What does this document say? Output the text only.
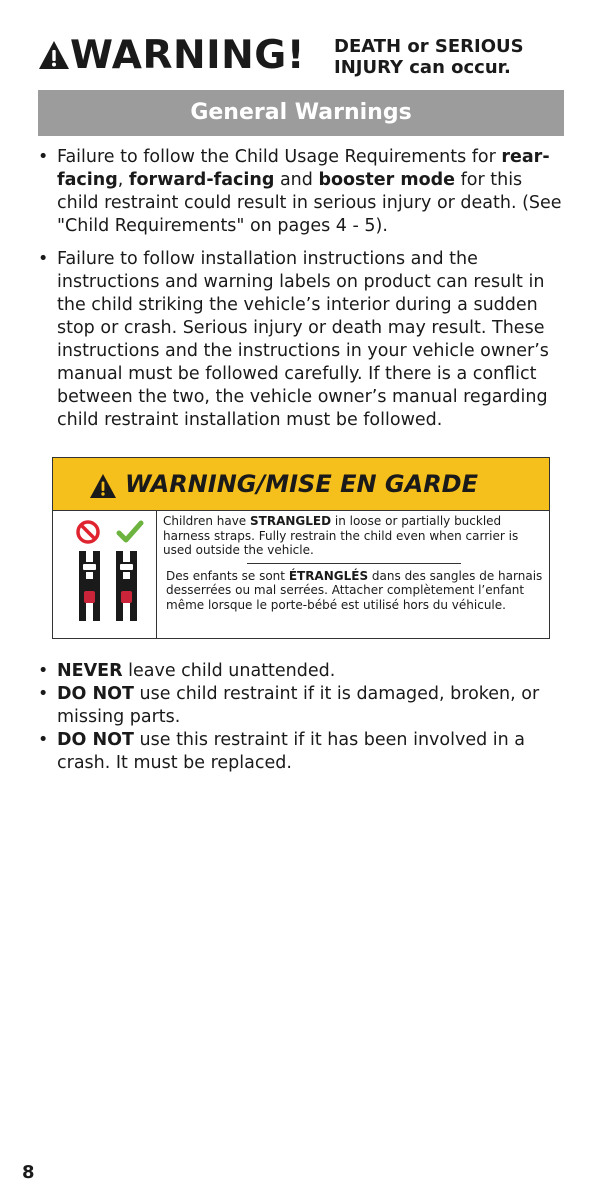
WARNING! DEATH or SERIOUS
INJURY can occur.
General Warnings
• Failure to follow the Child Usage Requirements for rear-facing, forward-facing and booster mode for this child restraint could result in serious injury or death. (See "Child Requirements" on pages 4 - 5).
• Failure to follow installation instructions and the instructions and warning labels on product can result in the child striking the vehicle’s interior during a sudden stop or crash. Serious injury or death may result. These instructions and the instructions in your vehicle owner’s manual must be followed carefully. If there is a conflict between the two, the vehicle owner’s manual regarding child restraint installation must be followed.
WARNING/MISE EN GARDE

Children have STRANGLED in loose or partially buckled harness straps. Fully restrain the child even when carrier is used outside the vehicle.

Des enfants se sont ÉTRANGLÉS dans des sangles de harnais desserrées ou mal serrées. Attacher complètement l’enfant même lorsque le porte-bébé est utilisé hors du véhicule.

• NEVER leave child unattended.
• DO NOT use child restraint if it is damaged, broken, or missing parts.
• DO NOT use this restraint if it has been involved in a crash. It must be replaced.
8
